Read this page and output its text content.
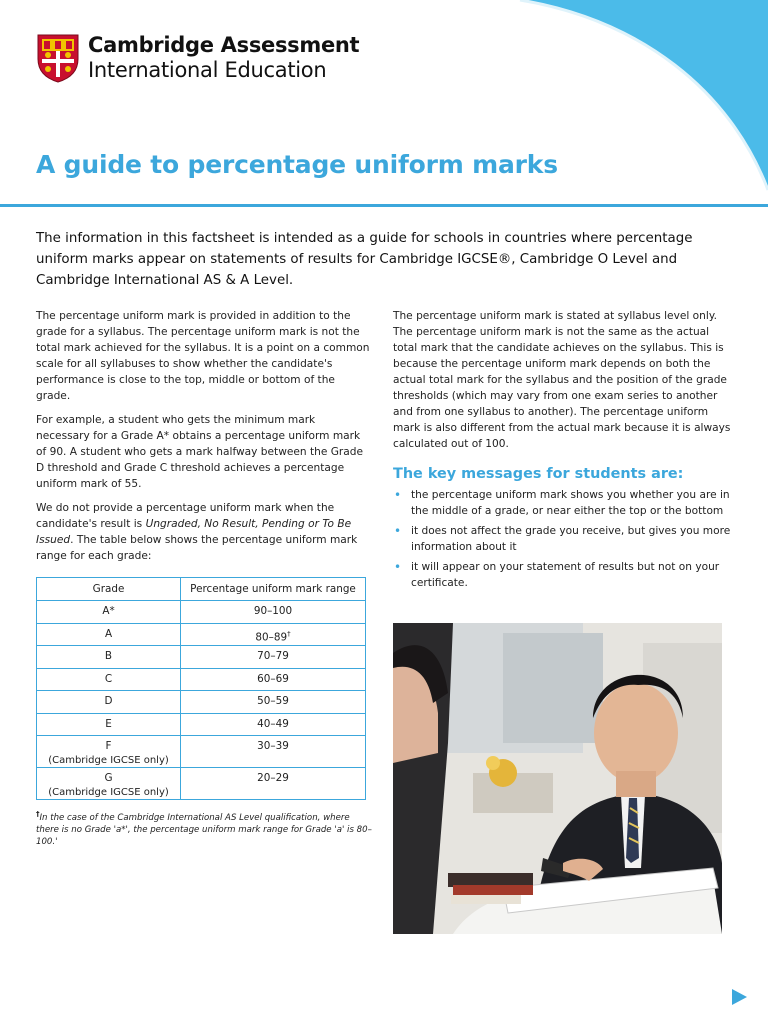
Cambridge Assessment
International Education
A guide to percentage uniform marks

The information in this factsheet is intended as a guide for schools in countries where percentage uniform marks appear on statements of results for Cambridge IGCSE®, Cambridge O Level and Cambridge International AS & A Level.

The percentage uniform mark is provided in addition to the grade for a syllabus. The percentage uniform mark is not the total mark achieved for the syllabus. It is a point on a common scale for all syllabuses to show whether the candidate's performance is close to the top, middle or bottom of the grade.

For example, a student who gets the minimum mark necessary for a Grade A* obtains a percentage uniform mark of 90. A student who gets a mark halfway between the Grade D threshold and Grade C threshold achieves a percentage uniform mark of 55.

We do not provide a percentage uniform mark when the candidate's result is Ungraded, No Result, Pending or To Be Issued. The table below shows the percentage uniform mark range for each grade:

Grade	Percentage uniform mark range
A*	90–100
A	80–89†
B	70–79
C	60–69
D	50–59
E	40–49
F
(Cambridge IGCSE only)	30–39
G
(Cambridge IGCSE only)	20–29
†In the case of the Cambridge International AS Level qualification, where there is no Grade 'a*', the percentage uniform mark range for Grade 'a' is 80–100.'

The percentage uniform mark is stated at syllabus level only. The percentage uniform mark is not the same as the actual total mark that the candidate achieves on the syllabus. This is because the percentage uniform mark depends on both the actual total mark for the syllabus and the position of the grade thresholds (which may vary from one exam series to another and from one syllabus to another). The percentage uniform mark is also different from the actual mark because it is always calculated out of 100.

The key messages for students are:
• the percentage uniform mark shows you whether you are in the middle of a grade, or near either the top or the bottom
• it does not affect the grade you receive, but gives you more information about it
• it will appear on your statement of results but not on your certificate.
